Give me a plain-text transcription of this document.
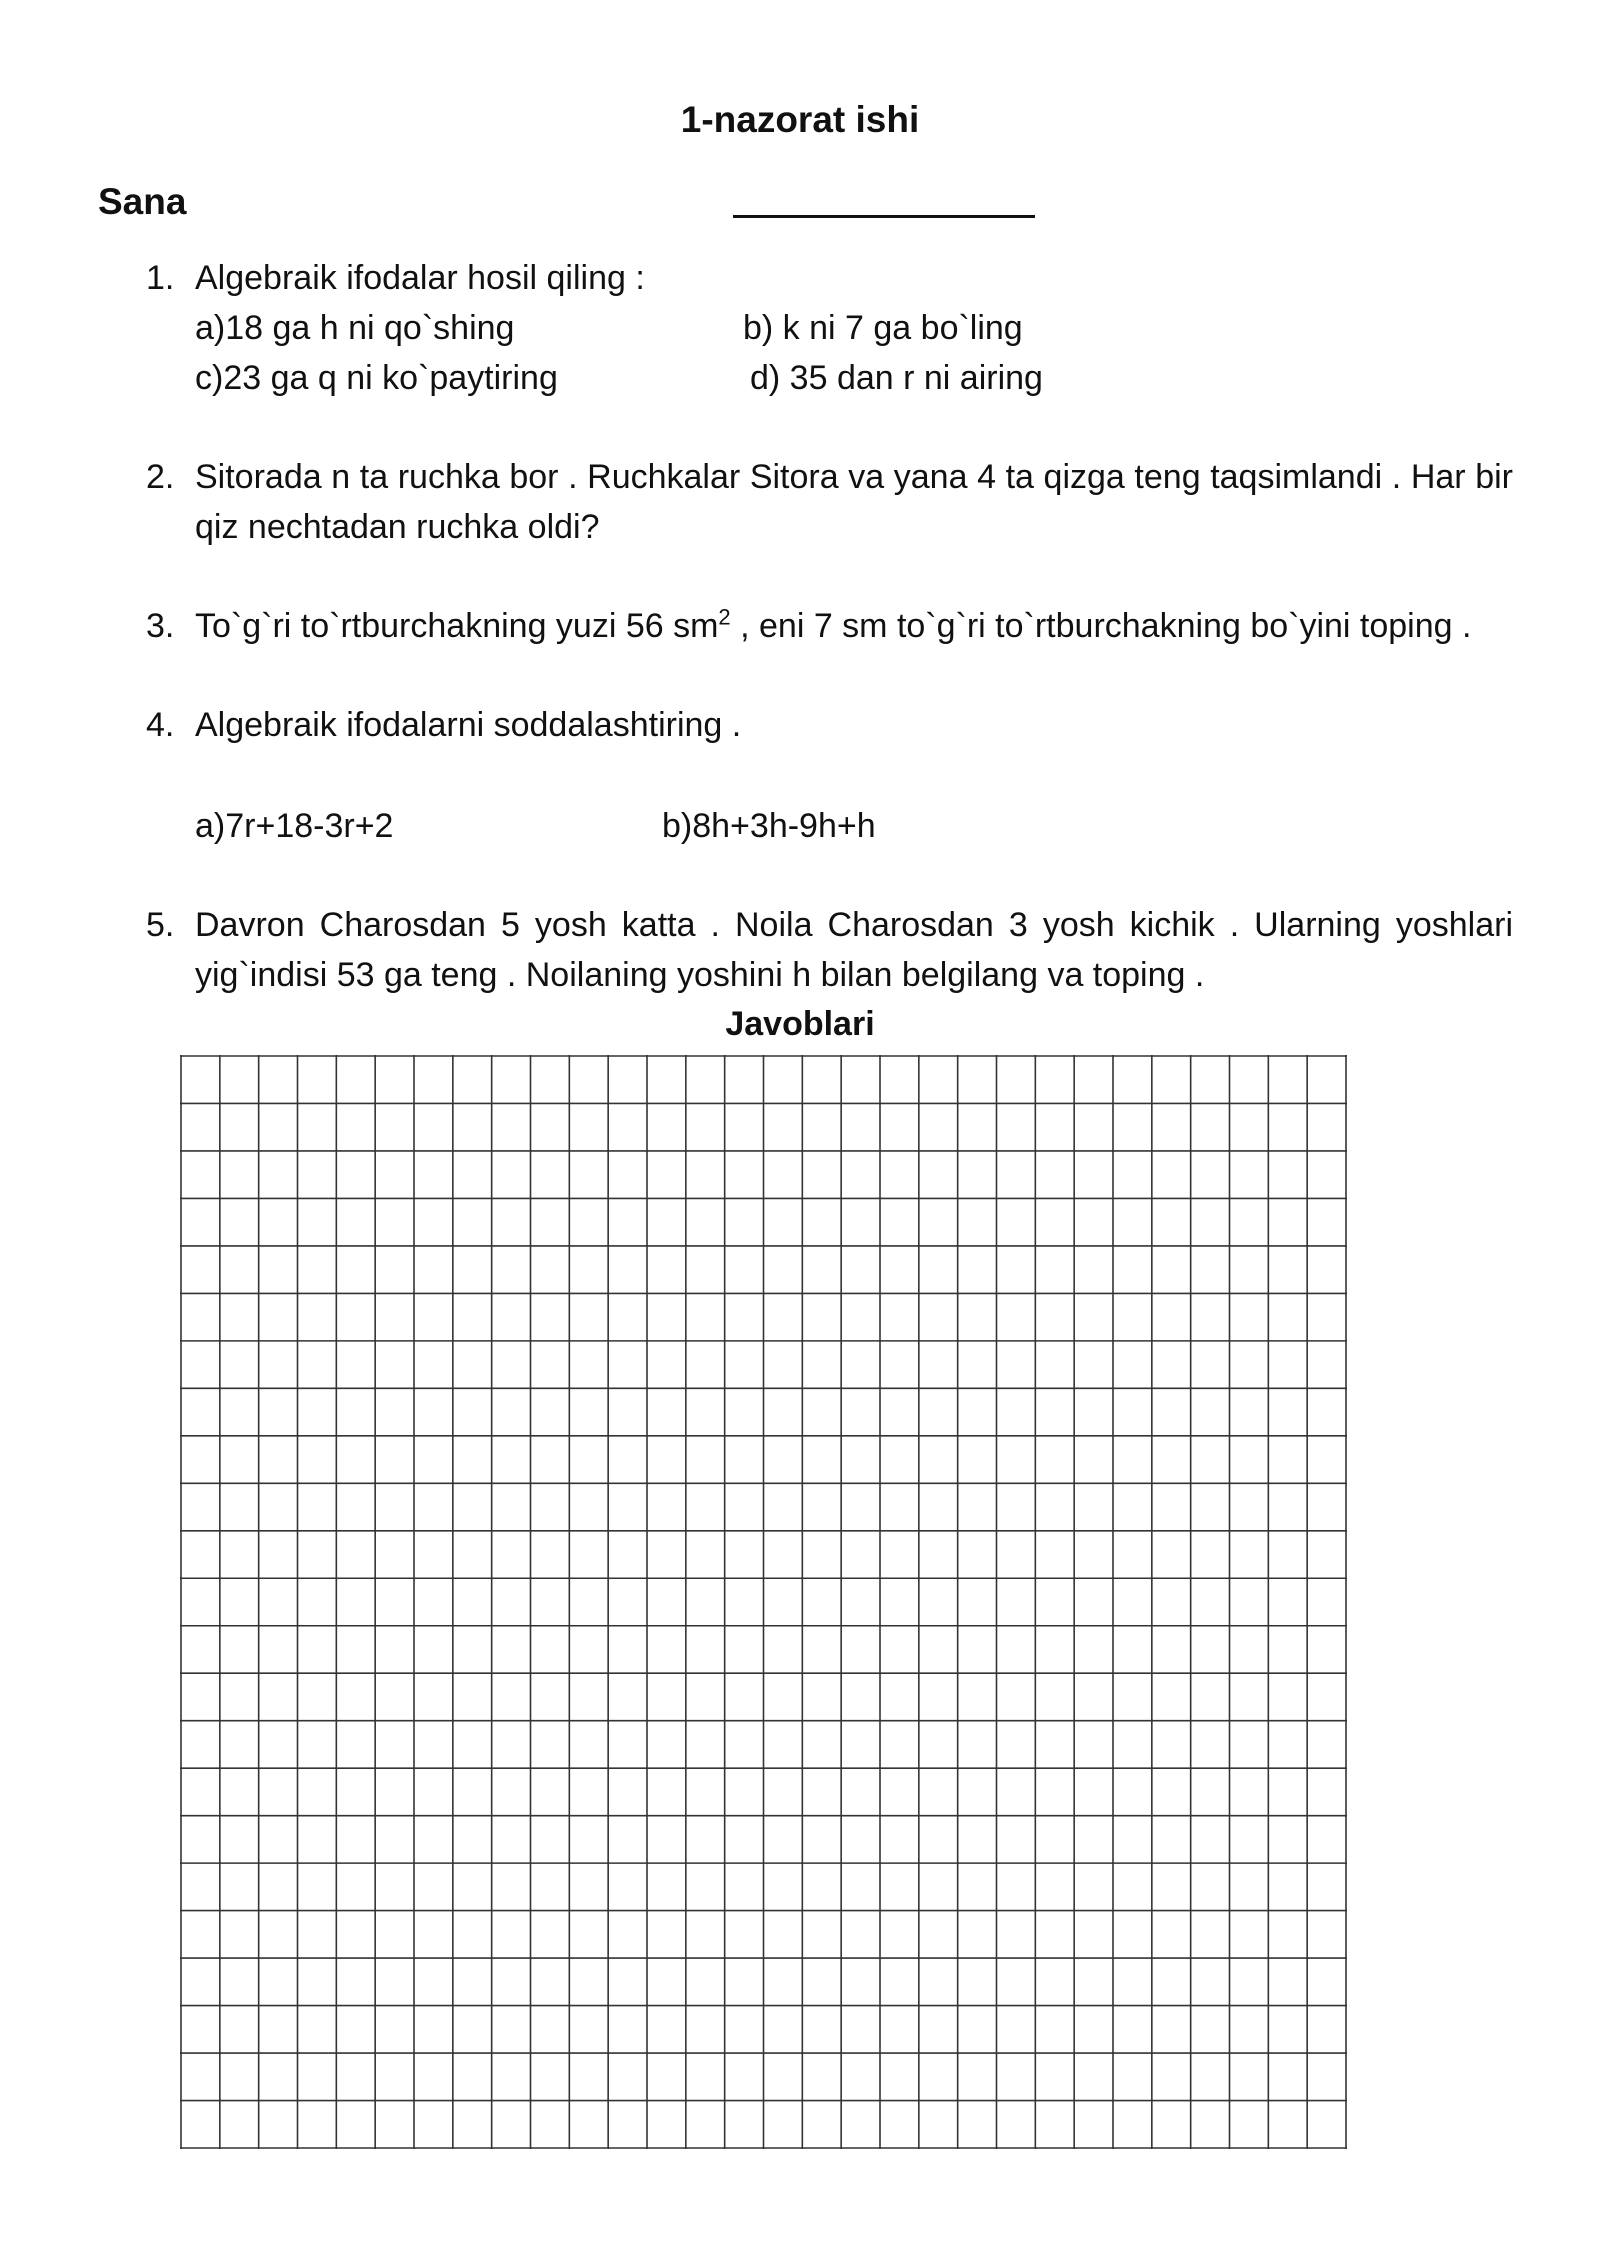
1-nazorat ishi
Sana
1. Algebraik ifodalar hosil qiling :
a)18 ga h ni qo`shing	b) k ni 7 ga bo`ling
c)23 ga q ni ko`paytiring	d) 35 dan r ni airing
2. Sitorada n ta ruchka bor . Ruchkalar Sitora va yana 4 ta qizga teng taqsimlandi . Har bir qiz nechtadan ruchka oldi?
3. To`g`ri to`rtburchakning yuzi 56 $sm^2$ , eni 7 sm to`g`ri to`rtburchakning bo`yini toping .
4. Algebraik ifodalarni soddalashtiring .
a)7r+18-3r+2	b)8h+3h-9h+h
5. Davron Charosdan 5 yosh katta . Noila Charosdan 3 yosh kichik . Ularning yoshlari yig`indisi 53 ga teng . Noilaning yoshini h bilan belgilang va toping .
Javoblari
